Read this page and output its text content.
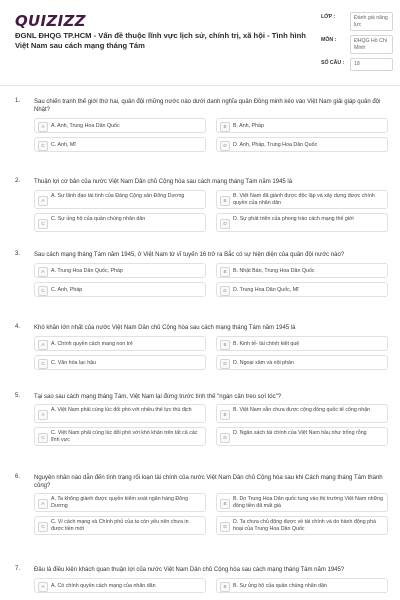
QUIZIZZ
ĐGNL ĐHQG TP.HCM - Vấn đề thuộc lĩnh vực lịch sử, chính trị, xã hội - Tình hình Việt Nam sau cách mạng tháng Tám
LỚP :	Đánh giá năng lực
MÔN :	ĐHQG Hồ Chí Minh
SỐ CÂU :	18
1. Sau chiến tranh thế giới thứ hai, quân đội những nước nào dưới danh nghĩa quân Đồng minh kéo vào Việt Nam giải giáp quân đội Nhật?
A	A. Anh, Trung Hoa Dân Quốc	B	B. Anh, Pháp
C	C. Anh, Mĩ	D	D. Anh, Pháp, Trung Hoa Dân Quốc
2. Thuận lợi cơ bản của nước Việt Nam Dân chủ Cộng hòa sau cách mạng tháng Tám năm 1945 là
A
A. Sự lãnh đạo tài tình của Đảng Cộng sản Đông Dương
B
B. Việt Nam đã giành được độc lập và xây dựng được chính quyền của nhân dân
C
C. Sự ủng hộ của quần chúng nhân dân
D
D. Sự phát triển của phong trào cách mạng thế giới
3. Sau cách mạng tháng Tám năm 1945, ở Việt Nam từ vĩ tuyến 16 trở ra Bắc có sự hiện diện của quân đội nước nào?
A	A. Trung Hoa Dân Quốc, Pháp	B	B. Nhật Bản, Trung Hoa Dân Quốc
C	C. Anh, Pháp	D	D. Trung Hoa Dân Quốc, Mĩ
4. Khó khăn lớn nhất của nước Việt Nam Dân chủ Cộng hòa sau cách mạng tháng Tám năm 1945 là
A	A. Chính quyền cách mạng non trẻ	B	B. Kinh tế- tài chính kiệt quệ
C	C. Văn hóa lạc hậu	D	D. Ngoại xâm và nội phản
5. Tại sao sau cách mạng tháng Tám, Việt Nam lại đứng trước tình thế "ngàn cân treo sợi tóc"?
A
A. Việt Nam phải cùng lúc đối phó với nhiều thế lực thù địch
B
B. Việt Nam vẫn chưa được cộng đồng quốc tế công nhận
C
C. Việt Nam phải cùng lúc đối phó với khó khăn trên tất cả các lĩnh vực	D
D. Ngân sách tài chính của Việt Nam hầu như trống rỗng
6. Nguyên nhân nào dẫn đến tình trạng rối loạn tài chính của nước Việt Nam Dân chủ Cộng hòa sau khi Cách mạng tháng Tám thành công?
A
A. Ta không giành được quyền kiểm soát ngân hàng Đông Dương	B
B. Do Trung Hoa Dân quốc tung vào thị trường Việt Nam những đồng tiền đã mất giá
C
C. Vì cách mạng và Chính phủ của ta còn yếu nên chưa in được tiền mới	D
D. Ta chưa chủ động được về tài chính và do hành động phá hoại của Trung Hoa Dân Quốc
7. Đâu là điều kiện khách quan thuận lợi của nước Việt Nam Dân chủ Cộng hòa sau cách mạng tháng Tám năm 1945?
A	A. Có chính quyền cách mạng của nhân dân	B	B. Sự ủng hộ của quần chúng nhân dân
